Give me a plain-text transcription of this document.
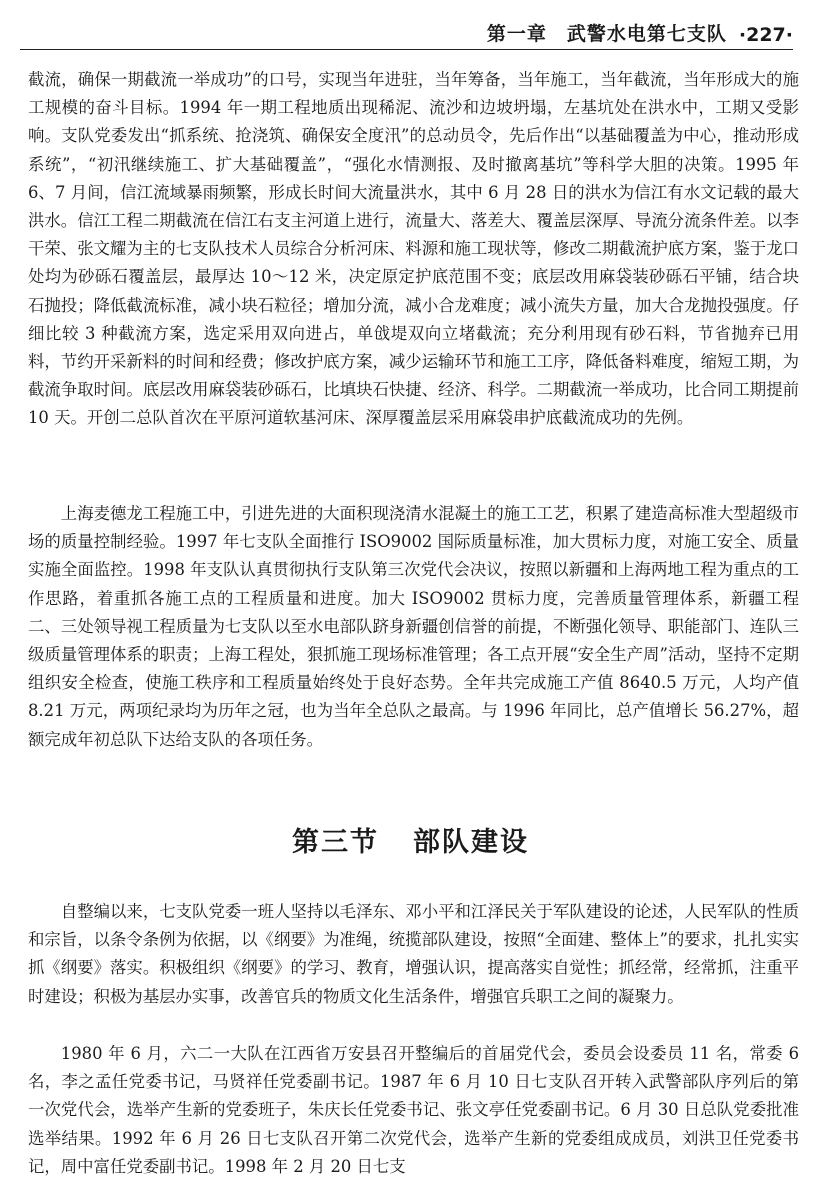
第一章　武警水电第七支队 ·227·

截流，确保一期截流一举成功”的口号，实现当年进驻，当年筹备，当年施工，当年截流，当年形成大的施工规模的奋斗目标。1994 年一期工程地质出现稀泥、流沙和边坡坍塌，左基坑处在洪水中，工期又受影响。支队党委发出“抓系统、抢浇筑、确保安全度汛”的总动员令，先后作出“以基础覆盖为中心，推动形成系统”，“初汛继续施工、扩大基础覆盖”，“强化水情测报、及时撤离基坑”等科学大胆的决策。1995 年 6、7 月间，信江流域暴雨频繁，形成长时间大流量洪水，其中 6 月 28 日的洪水为信江有水文记载的最大洪水。信江工程二期截流在信江右支主河道上进行，流量大、落差大、覆盖层深厚、导流分流条件差。以李干荣、张文耀为主的七支队技术人员综合分析河床、料源和施工现状等，修改二期截流护底方案，鉴于龙口处均为砂砾石覆盖层，最厚达 10～12 米，决定原定护底范围不变；底层改用麻袋装砂砾石平铺，结合块石抛投；降低截流标准，减小块石粒径；增加分流，减小合龙难度；减小流失方量，加大合龙抛投强度。仔细比较 3 种截流方案，选定采用双向进占，单戗堤双向立堵截流；充分利用现有砂石料，节省抛弃已用料，节约开采新料的时间和经费；修改护底方案，减少运输环节和施工工序，降低备料难度，缩短工期，为截流争取时间。底层改用麻袋装砂砾石，比填块石快捷、经济、科学。二期截流一举成功，比合同工期提前 10 天。开创二总队首次在平原河道软基河床、深厚覆盖层采用麻袋串护底截流成功的先例。

上海麦德龙工程施工中，引进先进的大面积现浇清水混凝土的施工工艺，积累了建造高标准大型超级市场的质量控制经验。1997 年七支队全面推行 ISO9002 国际质量标准，加大贯标力度，对施工安全、质量实施全面监控。1998 年支队认真贯彻执行支队第三次党代会决议，按照以新疆和上海两地工程为重点的工作思路，着重抓各施工点的工程质量和进度。加大 ISO9002 贯标力度，完善质量管理体系，新疆工程二、三处领导视工程质量为七支队以至水电部队跻身新疆创信誉的前提，不断强化领导、职能部门、连队三级质量管理体系的职责；上海工程处，狠抓施工现场标准管理；各工点开展“安全生产周”活动，坚持不定期组织安全检查，使施工秩序和工程质量始终处于良好态势。全年共完成施工产值 8640.5 万元，人均产值 8.21 万元，两项纪录均为历年之冠，也为当年全总队之最高。与 1996 年同比，总产值增长 56.27%，超额完成年初总队下达给支队的各项任务。

第三节 部队建设

自整编以来，七支队党委一班人坚持以毛泽东、邓小平和江泽民关于军队建设的论述，人民军队的性质和宗旨，以条令条例为依据，以《纲要》为准绳，统揽部队建设，按照“全面建、整体上”的要求，扎扎实实抓《纲要》落实。积极组织《纲要》的学习、教育，增强认识，提高落实自觉性；抓经常，经常抓，注重平时建设；积极为基层办实事，改善官兵的物质文化生活条件，增强官兵职工之间的凝聚力。

1980 年 6 月，六二一大队在江西省万安县召开整编后的首届党代会，委员会设委员 11 名，常委 6 名，李之孟任党委书记，马贤祥任党委副书记。1987 年 6 月 10 日七支队召开转入武警部队序列后的第一次党代会，选举产生新的党委班子，朱庆长任党委书记、张文亭任党委副书记。6 月 30 日总队党委批准选举结果。1992 年 6 月 26 日七支队召开第二次党代会，选举产生新的党委组成成员，刘洪卫任党委书记，周中富任党委副书记。1998 年 2 月 20 日七支
